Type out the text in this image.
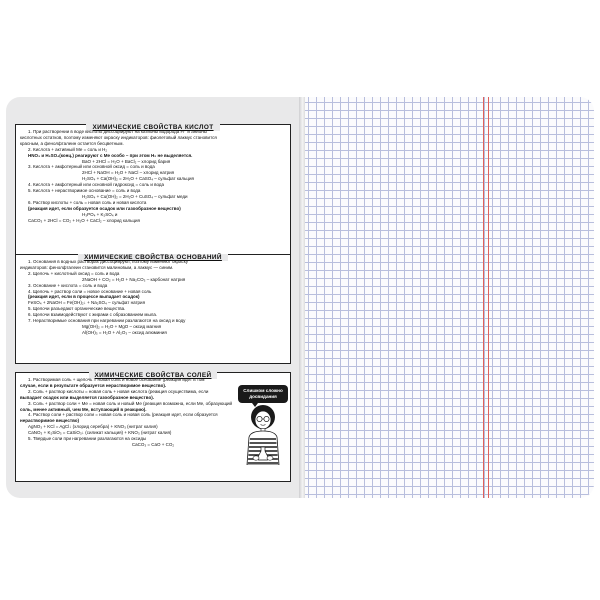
ХИМИЧЕСКИЕ СВОЙСТВА КИСЛОТ
1. При растворении в воде кислоты диссоциируют на катионы водорода H⁺ и анионы
кислотных остатков, поэтому изменяют окраску индикаторов: фиолетовый лакмус становится
красным, а фенолфталеин остается бесцветным.
2. Кислота + активный Me = соль и H₂
HNO₃ и H₂SO₄(конц.) реагируют с Me особо – при этом H₂ не выделяется.
BaO + 2HCl = H₂O + BaCl₂ – хлорид бария
3. Кислота + амфотерный или основной оксид = соль и вода
2HCl + NaOH = H₂O + NaCl – хлорид натрия
H₂SO₄ + Ca(OH)₂ = 2H₂O + CaSO₄ – сульфат кальция
4. Кислота + амфотерный или основной гидроксид = соль и вода
5. Кислота + нерастворимое основание = соль и вода
H₂SO₄ + Cu(OH)₂ = 2H₂O + CuSO₄ – сульфат меди
6. Раствор кислоты + соль = новая соль и новая кислота
(реакция идет, если образуется осадок или газообразное вещество)
H₃PO₄ + K₂SO₄ и
CaCO₃ + 2HCl = CO₂ + H₂O + CaCl₂ – хлорид кальция
ХИМИЧЕСКИЕ СВОЙСТВА ОСНОВАНИЙ
1. Основания в водных растворах диссоциируют, поэтому изменяют окраску
индикаторов: фенолфталеин становится малиновым, а лакмус — синим.
2. Щелочь + кислотный оксид = соль и вода
2NaOH + CO₂ = H₂O + Na₂CO₃ – карбонат натрия
3. Основание + кислота = соль и вода
4. Щелочь + раствор соли = новое основание + новая соль
(реакция идет, если в процессе выпадает осадок)
FeSO₄ + 2NaOH = Fe(OH)₂↓ + Na₂SO₄ – сульфат натрия
5. Щелочи разъедают органические вещества.
6. Щелочи взаимодействуют с жирами с образованием мыла.
7. Нерастворимые основания при нагревании разлагаются на оксид и воду
Mg(OH)₂ = H₂O + MgO – оксид магния
Al(OH)₃ = H₂O + Al₂O₃ – оксид алюминия
ХИМИЧЕСКИЕ СВОЙСТВА СОЛЕЙ
1. Растворимая соль + щелочь = новая соль и новое основание (реакция идет в том
случае, если в результате образуется нерастворимое вещество).
2. Соль + раствор кислоты = новая соль + новая кислота (реакция осуществима, если
выпадает осадок или выделяется газообразное вещество).
3. Соль + раствор соли + Me = новая соль и новый Me (реакция возможна, если Me, образующий
соль, менее активный, чем Me, вступающий в реакцию).
4. Раствор соли + раствор соли = новая соль и новая соль (реакция идет, если образуется
нерастворимое вещество)
AgNO₃ + KCl = AgCl↓ (хлорид серебра) + KNO₃ (нитрат калия)
CaNO₃ + K₂SiO₃ = CaSiO₃↓ (силикат кальция) + KNO₃ (нитрат калия)
5. Твердые соли при нагревании разлагаются на оксиды
CaCO₃ = CaO + CO₂
Слишком сложно досвидания
